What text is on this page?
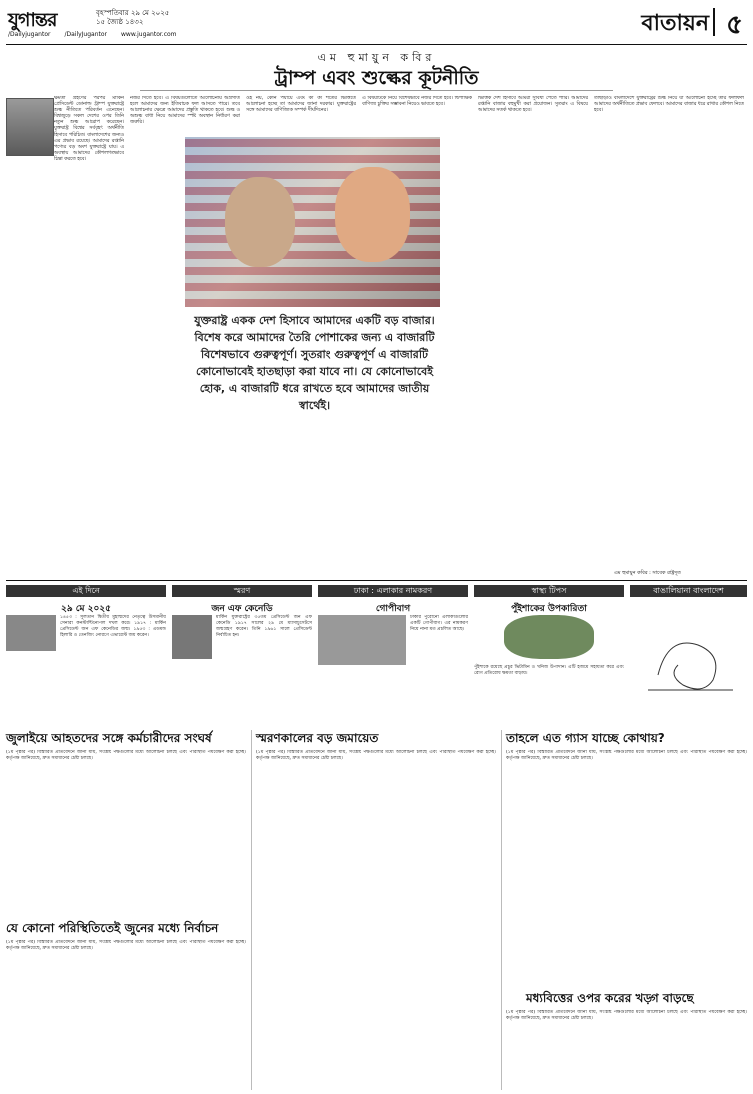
যুগান্তর	বৃহস্পতিবার ২৯ মে ২০২৫
১৫ জ্যৈষ্ঠ ১৪৩২
/Dailyjugantor /DailyJugantor www.jugantor.com	বাতায়ন ৫
এম হুমায়ুন কবির
ট্রাম্প এবং শুল্কের কূটনীতি
ক্ষমতা গ্রহণের পরপর মার্কিন প্রেসিডেন্ট ডোনাল্ড ট্রাম্প যুক্তরাষ্ট্রে শুল্ক নীতিতে পরিবর্তন এনেছেন। বিশ্বজুড়ে সকল দেশের ওপর তিনি নতুন শুল্ক আরোপ করেছেন। যুক্তরাষ্ট্র বিশ্বের সর্ববৃহৎ অর্থনীতি হিসাবে পরিচিত। বাংলাদেশের জন্যও এর প্রভাব রয়েছে। আমাদের রপ্তানি পণ্যের বড় অংশ যুক্তরাষ্ট্রে যায়। এ অবস্থায় আমাদের কৌশলগতভাবে চিন্তা করতে হবে।
নজর দিতে হবে। এ বিষয়গুলোতে আলোচনায় অগ্রগতি হলে আমাদের জন্য ইতিবাচক ফল আসতে পারে। তবে আলোচনার ক্ষেত্রে আমাদের প্রস্তুতি থাকতে হবে। শুল্ক ও অশুল্ক বাধা নিয়ে আমাদের স্পষ্ট অবস্থান নির্ধারণ করা জরুরি।
ওই নয়, কোন পর্যায়ে এবং কী কী শর্তের ভিত্তিতে আলোচনা হচ্ছে তা আমাদের জানা দরকার। যুক্তরাষ্ট্রের সঙ্গে আমাদের বাণিজ্যিক সম্পর্ক দীর্ঘদিনের।
এ বিষয়টিকে নিয়ে বিশেষভাবে নজর দিতে হবে। দ্বিপাক্ষিক বাণিজ্য চুক্তির সম্ভাবনা নিয়েও ভাবতে হবে।
ভিত্তিক দেশ হিসাবে আমরা সুবিধা পেতে পারি। আমাদের রপ্তানি বাজার বহুমুখী করা প্রয়োজন। সুতরাং এ বিষয়ে আমাদের সতর্ক থাকতে হবে।
তাছাড়াও বাংলাদেশে যুক্তরাষ্ট্রের শুল্ক নিয়ে যা আলোচনা হচ্ছে তার ফলাফল আমাদের অর্থনীতিতে প্রভাব ফেলবে। আমাদের বাজার ধরে রাখার কৌশল নিতে হবে।
যুক্তরাষ্ট্র একক দেশ হিসাবে আমাদের একটি বড় বাজার। বিশেষ করে আমাদের তৈরি পোশাকের জন্য এ বাজারটি বিশেষভাবে গুরুত্বপূর্ণ। সুতরাং গুরুত্বপূর্ণ এ বাজারটি কোনোভাবেই হাতছাড়া করা যাবে না। যে কোনোভাবেই হোক, এ বাজারটি ধরে রাখতে হবে আমাদের জাতীয় স্বার্থেই।
এম হুমায়ুন কবির : সাবেক রাষ্ট্রদূত
এই দিনে
২৯ মে ২০২৫
১৪৫৩ : সুলতান দ্বিতীয় মুহাম্মদের নেতৃত্বে উসমানীয় সেনারা কনস্টান্টিনোপল দখল করে। ১৯১৭ : মার্কিন প্রেসিডেন্ট জন এফ কেনেডির জন্ম। ১৯৫৩ : এডমন্ড হিলারি ও তেনজিং নোরগে এভারেস্ট জয় করেন।
স্মরণ
জন এফ কেনেডি
মার্কিন যুক্তরাষ্ট্রের ৩৫তম প্রেসিডেন্ট জন এফ কেনেডি ১৯১৭ সালের ২৯ মে ম্যাসাচুসেটসে জন্মগ্রহণ করেন। তিনি ১৯৬১ সালে প্রেসিডেন্ট নির্বাচিত হন।
ঢাকা : এলাকার নামকরণ
গোপীবাগ
ঢাকার পুরোনো এলাকাগুলোর একটি গোপীবাগ। এর নামকরণ নিয়ে নানা মত প্রচলিত আছে।
স্বাস্থ্য টিপস
পুঁইশাকের উপকারিতা
পুঁইশাকে রয়েছে প্রচুর ভিটামিন ও খনিজ উপাদান। এটি হজমে সহায়তা করে এবং রোগ প্রতিরোধ ক্ষমতা বাড়ায়।
বাঙালিয়ানা বাংলাদেশ
জুলাইয়ে আহতদের সঙ্গে কর্মচারীদের সংঘর্ষ
(১ম পৃষ্ঠার পর) বিস্তারিত প্রতিবেদনে জানা যায়, সংশ্লিষ্ট পক্ষগুলোর মধ্যে আলোচনা চলছে এবং পরিস্থিতি পর্যবেক্ষণ করা হচ্ছে। কর্তৃপক্ষ জানিয়েছে, দ্রুত সমাধানের চেষ্টা চলছে।
স্মরণকালের বড় জমায়েত
(১ম পৃষ্ঠার পর) বিস্তারিত প্রতিবেদনে জানা যায়, সংশ্লিষ্ট পক্ষগুলোর মধ্যে আলোচনা চলছে এবং পরিস্থিতি পর্যবেক্ষণ করা হচ্ছে। কর্তৃপক্ষ জানিয়েছে, দ্রুত সমাধানের চেষ্টা চলছে।
তাহলে এত গ্যাস যাচ্ছে কোথায়?
(১ম পৃষ্ঠার পর) বিস্তারিত প্রতিবেদনে জানা যায়, সংশ্লিষ্ট পক্ষগুলোর মধ্যে আলোচনা চলছে এবং পরিস্থিতি পর্যবেক্ষণ করা হচ্ছে। কর্তৃপক্ষ জানিয়েছে, দ্রুত সমাধানের চেষ্টা চলছে।
যে কোনো পরিস্থিতিতেই জুনের মধ্যে নির্বাচন
(১ম পৃষ্ঠার পর) বিস্তারিত প্রতিবেদনে জানা যায়, সংশ্লিষ্ট পক্ষগুলোর মধ্যে আলোচনা চলছে এবং পরিস্থিতি পর্যবেক্ষণ করা হচ্ছে। কর্তৃপক্ষ জানিয়েছে, দ্রুত সমাধানের চেষ্টা চলছে।
মধ্যবিত্তের ওপর করের খড়্গ বাড়ছে
(১ম পৃষ্ঠার পর) বিস্তারিত প্রতিবেদনে জানা যায়, সংশ্লিষ্ট পক্ষগুলোর মধ্যে আলোচনা চলছে এবং পরিস্থিতি পর্যবেক্ষণ করা হচ্ছে। কর্তৃপক্ষ জানিয়েছে, দ্রুত সমাধানের চেষ্টা চলছে।
